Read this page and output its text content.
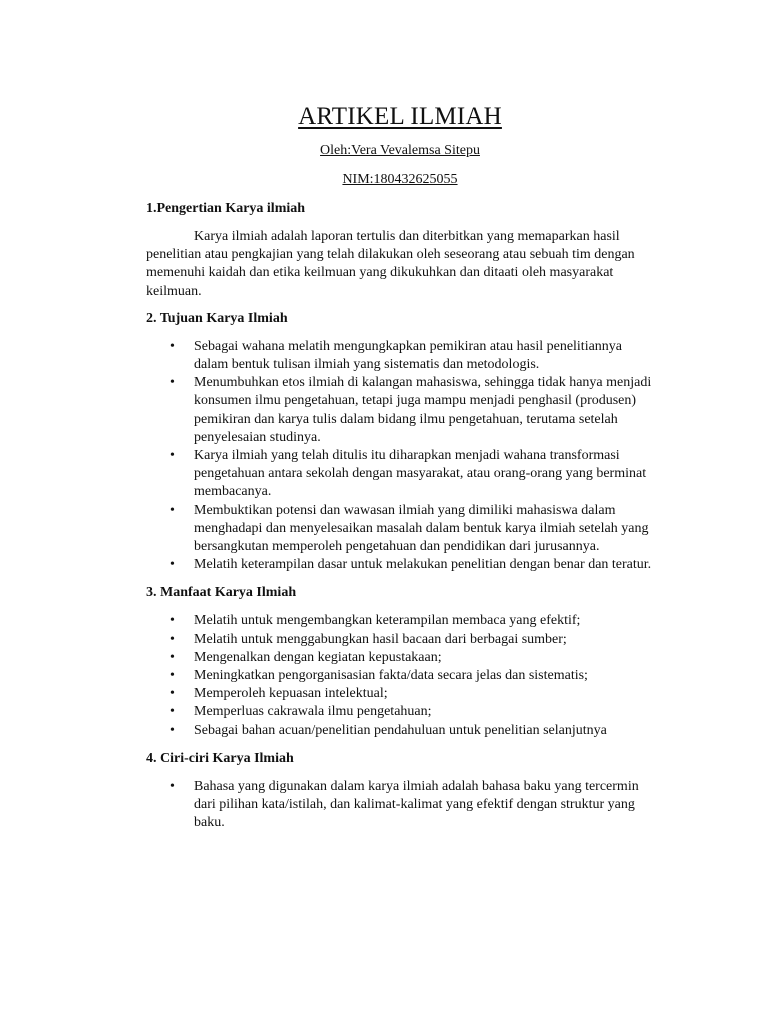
ARTIKEL ILMIAH
Oleh:Vera Vevalemsa Sitepu
NIM:180432625055
1.Pengertian Karya ilmiah

Karya ilmiah adalah laporan tertulis dan diterbitkan yang memaparkan hasil penelitian atau pengkajian yang telah dilakukan oleh seseorang atau sebuah tim dengan memenuhi kaidah dan etika keilmuan yang dikukuhkan dan ditaati oleh masyarakat keilmuan.

2. Tujuan Karya Ilmiah
• Sebagai wahana melatih mengungkapkan pemikiran atau hasil penelitiannya dalam bentuk tulisan ilmiah yang sistematis dan metodologis.
• Menumbuhkan etos ilmiah di kalangan mahasiswa, sehingga tidak hanya menjadi konsumen ilmu pengetahuan, tetapi juga mampu menjadi penghasil (produsen) pemikiran dan karya tulis dalam bidang ilmu pengetahuan, terutama setelah penyelesaian studinya.
• Karya ilmiah yang telah ditulis itu diharapkan menjadi wahana transformasi pengetahuan antara sekolah dengan masyarakat, atau orang-orang yang berminat membacanya.
• Membuktikan potensi dan wawasan ilmiah yang dimiliki mahasiswa dalam menghadapi dan menyelesaikan masalah dalam bentuk karya ilmiah setelah yang bersangkutan memperoleh pengetahuan dan pendidikan dari jurusannya.
• Melatih keterampilan dasar untuk melakukan penelitian dengan benar dan teratur.
3. Manfaat Karya Ilmiah
• Melatih untuk mengembangkan keterampilan membaca yang efektif;
• Melatih untuk menggabungkan hasil bacaan dari berbagai sumber;
• Mengenalkan dengan kegiatan kepustakaan;
• Meningkatkan pengorganisasian fakta/data secara jelas dan sistematis;
• Memperoleh kepuasan intelektual;
• Memperluas cakrawala ilmu pengetahuan;
• Sebagai bahan acuan/penelitian pendahuluan untuk penelitian selanjutnya
4. Ciri-ciri Karya Ilmiah
• Bahasa yang digunakan dalam karya ilmiah adalah bahasa baku yang tercermin dari pilihan kata/istilah, dan kalimat-kalimat yang efektif dengan struktur yang baku.
